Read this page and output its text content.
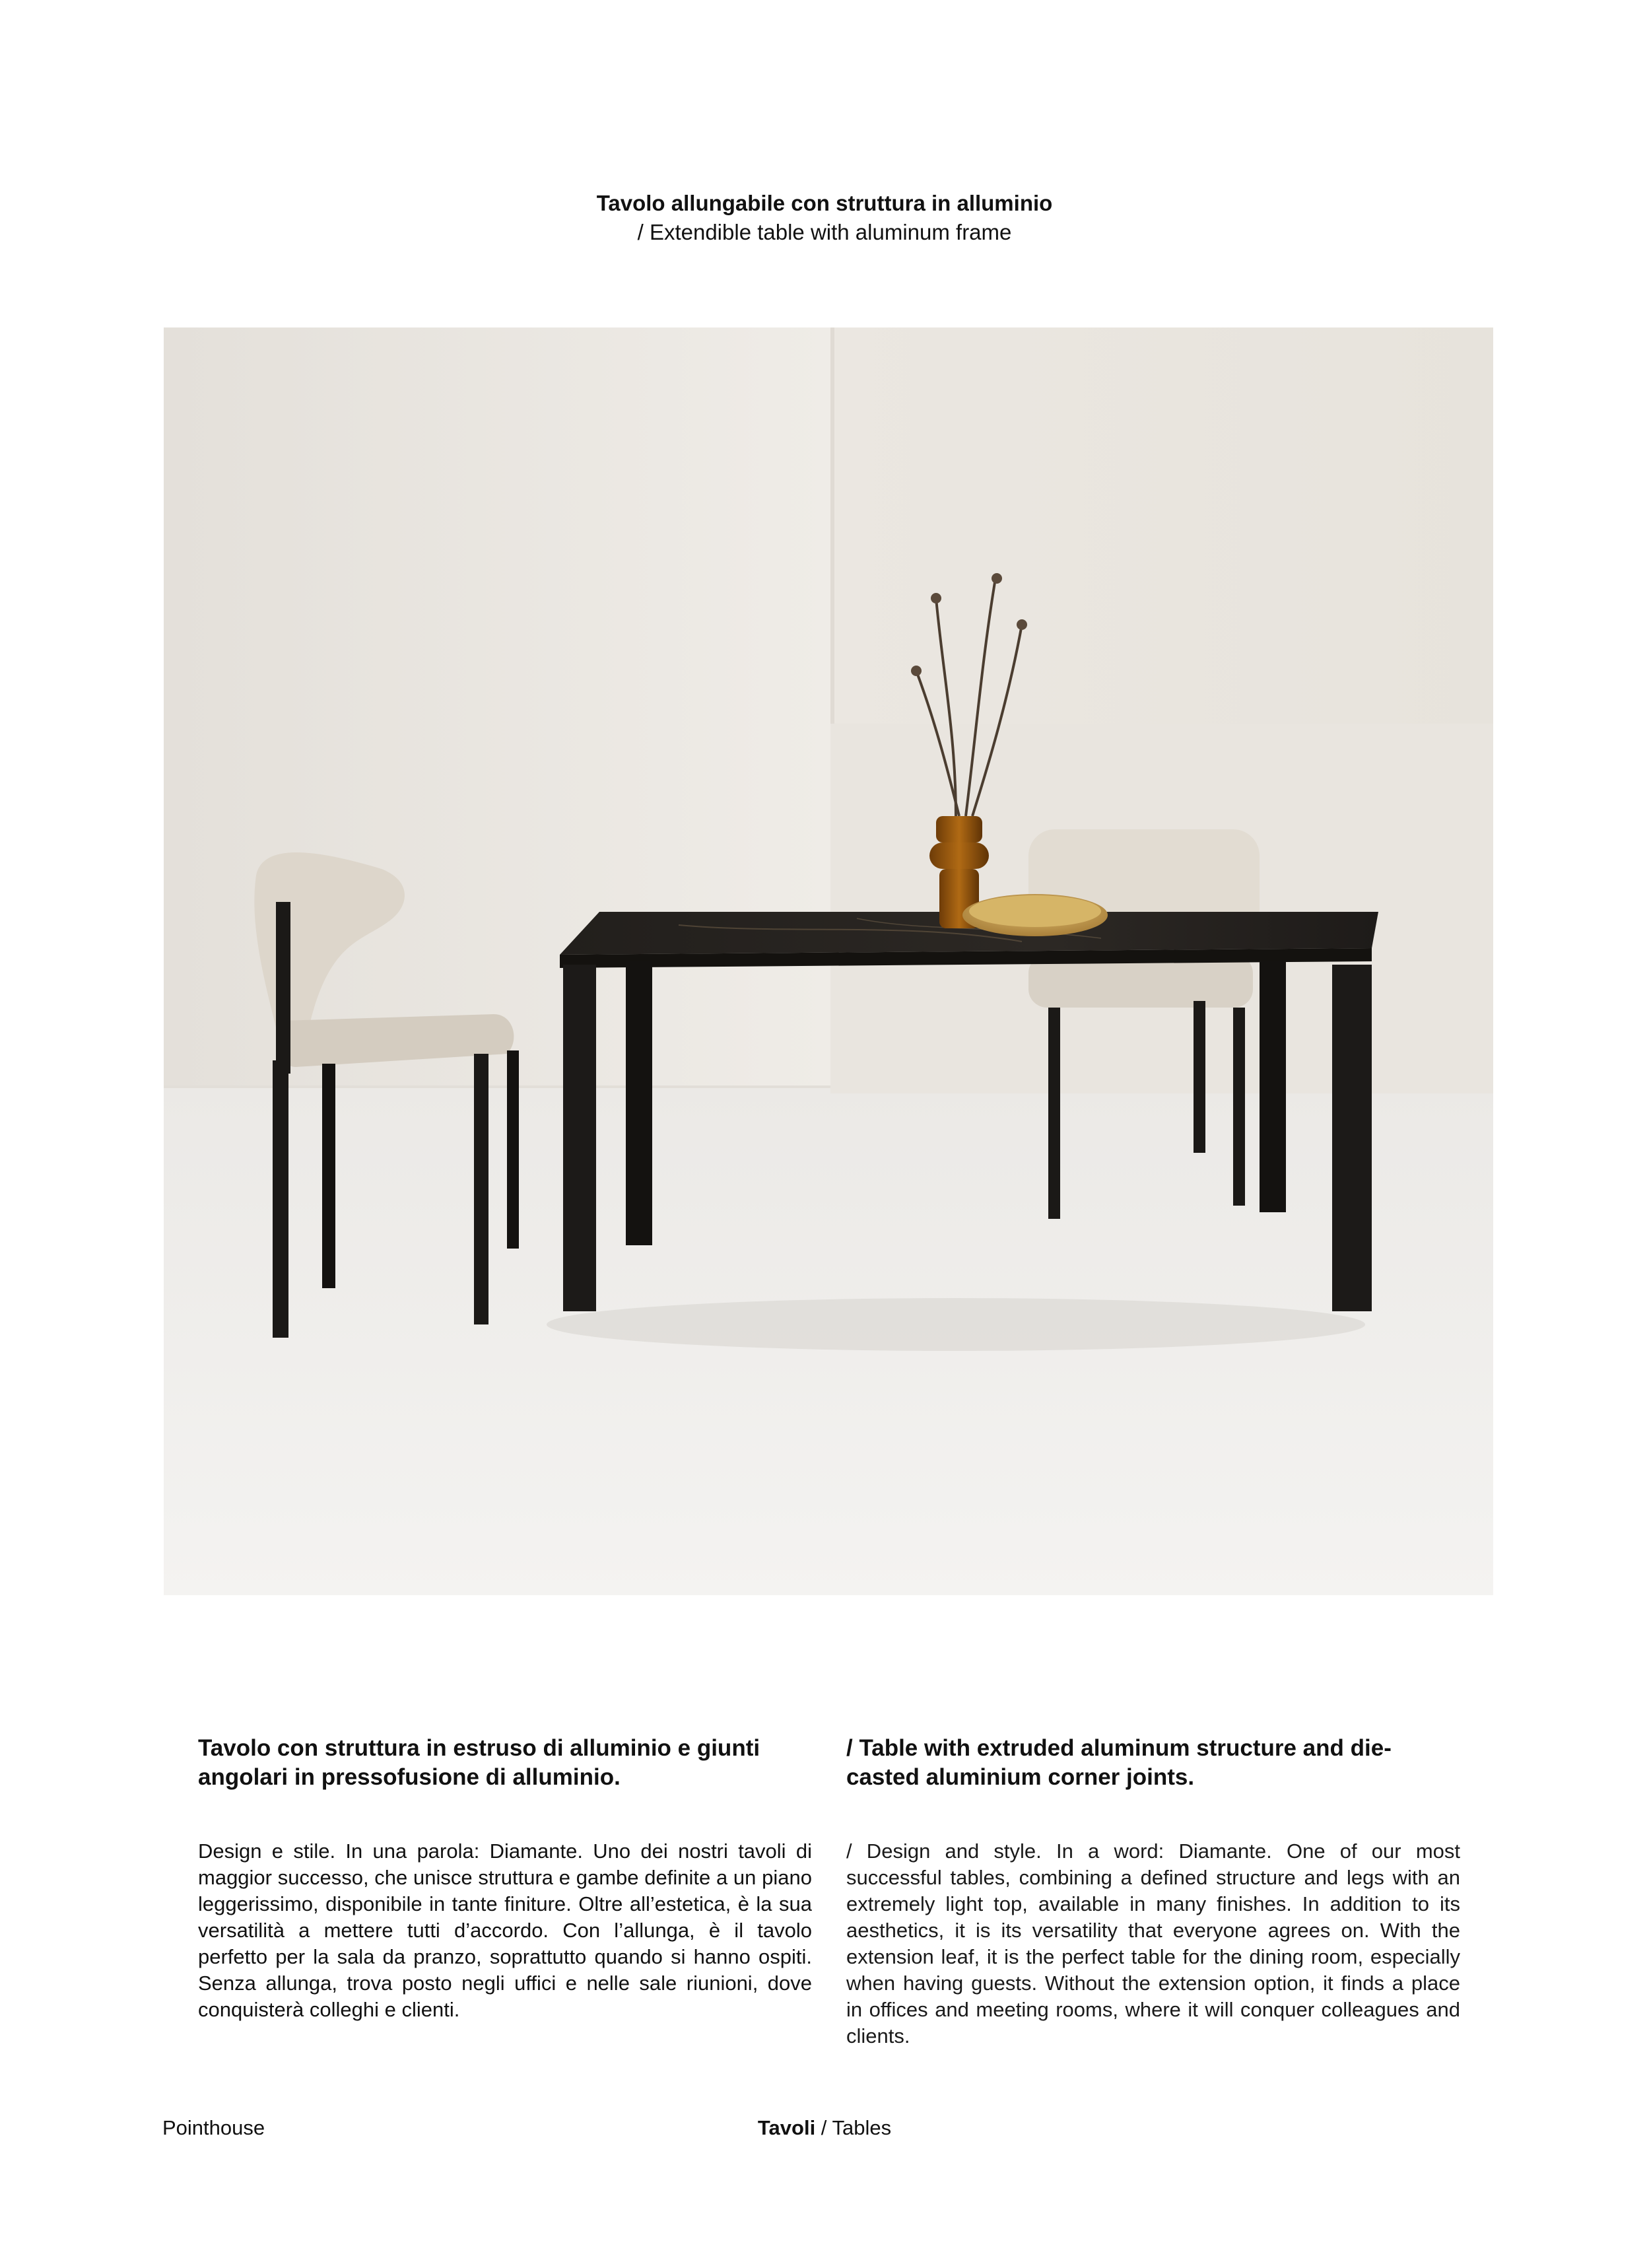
Tavolo allungabile con struttura in alluminio
/ Extendible table with aluminum frame
Tavolo con struttura in estruso di alluminio e giunti angolari in pressofusione di alluminio.

Design e stile. In una parola: Diamante. Uno dei nostri tavoli di maggior successo, che unisce struttura e gambe definite a un piano leggerissimo, disponibile in tante finiture. Oltre all’estetica, è la sua versatilità a mettere tutti d’accordo. Con l’allunga, è il tavolo perfetto per la sala da pranzo, soprattutto quando si hanno ospiti. Senza allunga, trova posto negli uffici e nelle sale riunioni, dove conquisterà colleghi e clienti.

/ Table with extruded aluminum structure and die-casted aluminium corner joints.

/ Design and style. In a word: Diamante. One of our most successful tables, combining a defined structure and legs with an extremely light top, available in many finishes. In addition to its aesthetics, it is its versatility that everyone agrees on. With the extension leaf, it is the perfect table for the dining room, especially when having guests. Without the extension option, it finds a place in offices and meeting rooms, where it will conquer colleagues and clients.

Pointhouse	Tavoli / Tables
